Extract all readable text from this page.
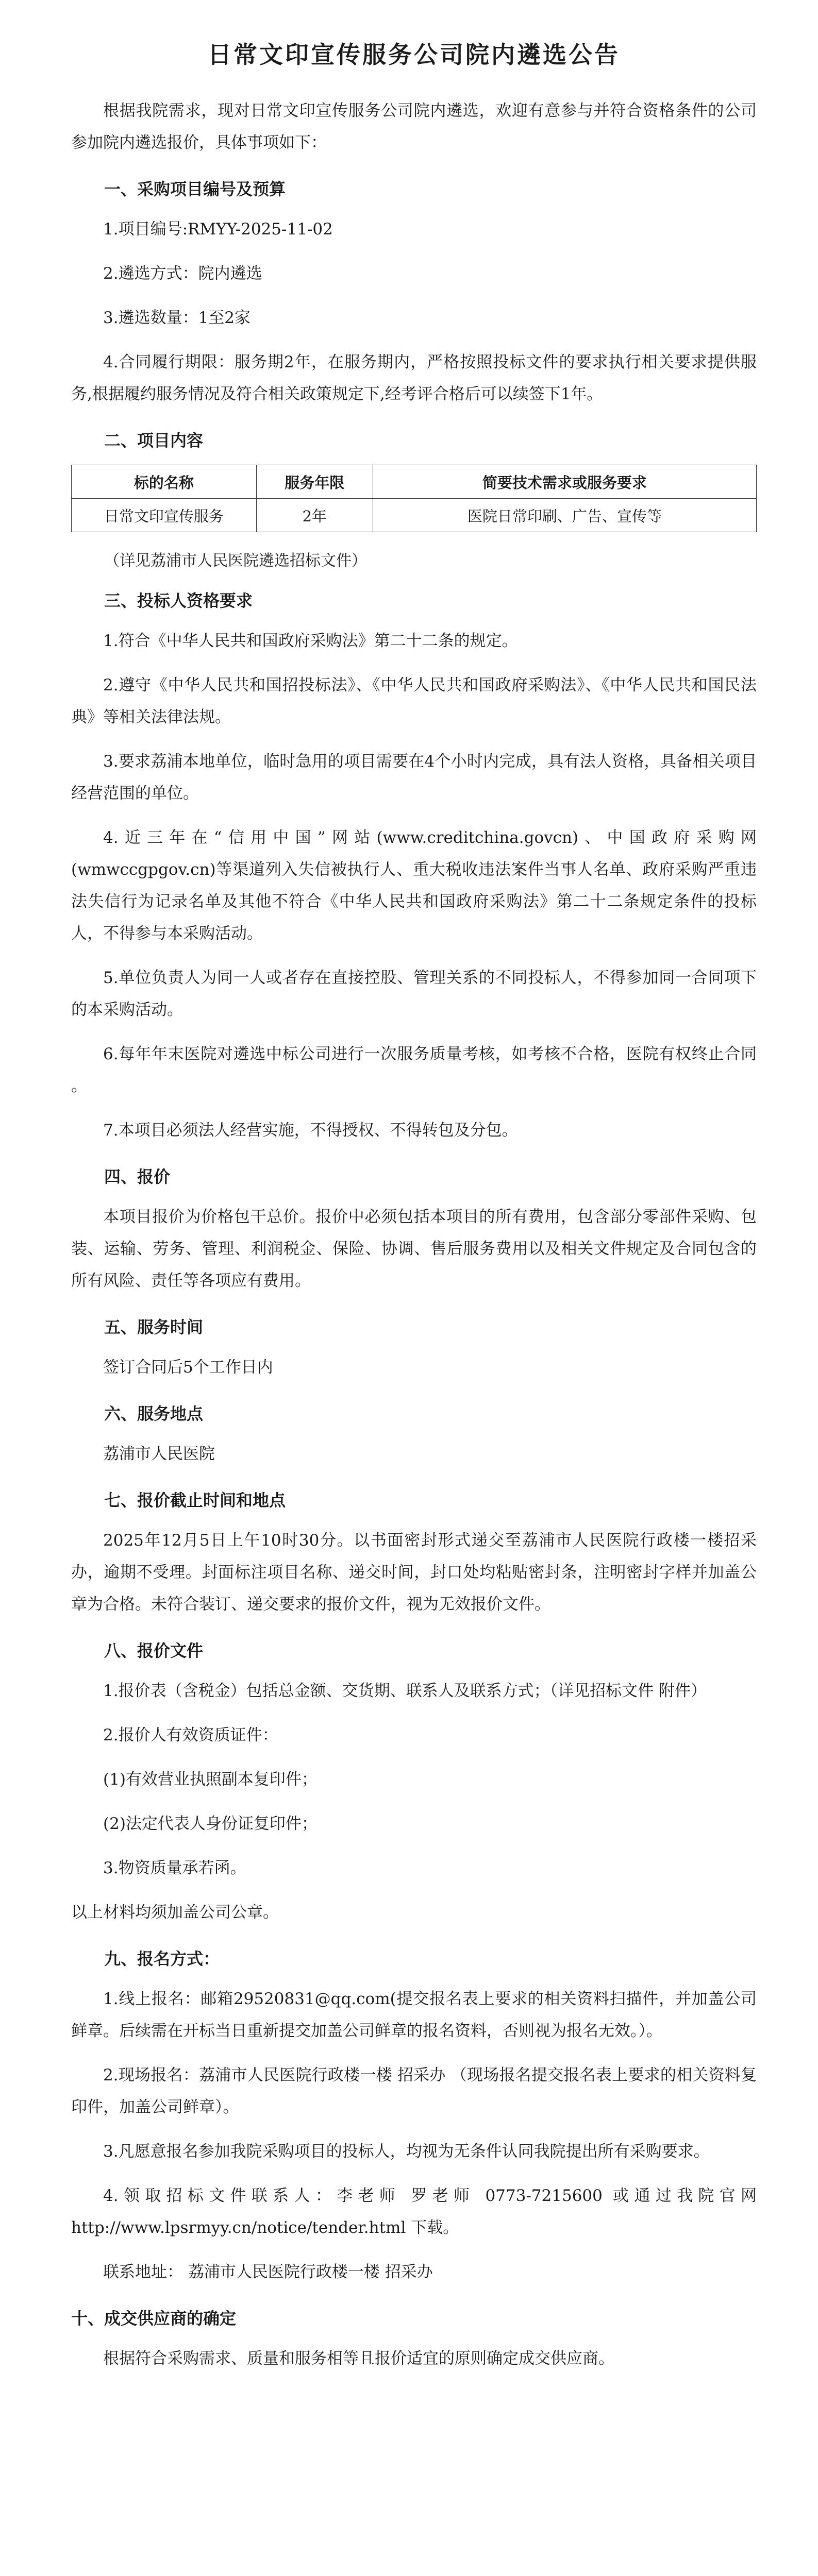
日常文印宣传服务公司院内遴选公告

根据我院需求，现对日常文印宣传服务公司院内遴选，欢迎有意参与并符合资格条件的公司参加院内遴选报价，具体事项如下：

一、采购项目编号及预算

1.项目编号:RMYY-2025-11-02

2.遴选方式：院内遴选

3.遴选数量：1至2家

4.合同履行期限：服务期2年，在服务期内，严格按照投标文件的要求执行相关要求提供服务,根据履约服务情况及符合相关政策规定下,经考评合格后可以续签下1年。

二、项目内容
标的名称	服务年限	简要技术需求或服务要求
日常文印宣传服务	2年	医院日常印刷、广告、宣传等
（详见荔浦市人民医院遴选招标文件）
三、投标人资格要求

1.符合《中华人民共和国政府采购法》第二十二条的规定。

2.遵守《中华人民共和国招投标法》、《中华人民共和国政府采购法》、《中华人民共和国民法典》等相关法律法规。

3.要求荔浦本地单位，临时急用的项目需要在4个小时内完成，具有法人资格，具备相关项目经营范围的单位。

4.近三年在“信用中国”网站(www.creditchina.govcn)、中国政府采购网(wmwccgpgov.cn)等渠道列入失信被执行人、重大税收违法案件当事人名单、政府采购严重违法失信行为记录名单及其他不符合《中华人民共和国政府采购法》第二十二条规定条件的投标人，不得参与本采购活动。

5.单位负责人为同一人或者存在直接控股、管理关系的不同投标人，不得参加同一合同项下的本采购活动。

6.每年年末医院对遴选中标公司进行一次服务质量考核，如考核不合格，医院有权终止合同 。

7.本项目必须法人经营实施，不得授权、不得转包及分包。

四、报价

本项目报价为价格包干总价。报价中必须包括本项目的所有费用，包含部分零部件采购、包装、运输、劳务、管理、利润税金、保险、协调、售后服务费用以及相关文件规定及合同包含的所有风险、责任等各项应有费用。

五、服务时间

签订合同后5个工作日内

六、服务地点

荔浦市人民医院

七、报价截止时间和地点

2025年12月5日上午10时30分。以书面密封形式递交至荔浦市人民医院行政楼一楼招采办，逾期不受理。封面标注项目名称、递交时间，封口处均粘贴密封条，注明密封字样并加盖公章为合格。未符合装订、递交要求的报价文件，视为无效报价文件。

八、报价文件

1.报价表（含税金）包括总金额、交货期、联系人及联系方式；（详见招标文件 附件）

2.报价人有效资质证件：

(1)有效营业执照副本复印件；

(2)法定代表人身份证复印件；

3.物资质量承若函。

以上材料均须加盖公司公章。

九、报名方式：

1.线上报名：邮箱29520831@qq.com(提交报名表上要求的相关资料扫描件，并加盖公司鲜章。后续需在开标当日重新提交加盖公司鲜章的报名资料，否则视为报名无效。）。

2.现场报名：荔浦市人民医院行政楼一楼 招采办 （现场报名提交报名表上要求的相关资料复印件，加盖公司鲜章）。

3.凡愿意报名参加我院采购项目的投标人，均视为无条件认同我院提出所有采购要求。

4.领取招标文件联系人：李老师 罗老师 0773-7215600 或通过我院官网http://www.lpsrmyy.cn/notice/tender.html 下载。

联系地址： 荔浦市人民医院行政楼一楼 招采办

十、成交供应商的确定

根据符合采购需求、质量和服务相等且报价适宜的原则确定成交供应商。
